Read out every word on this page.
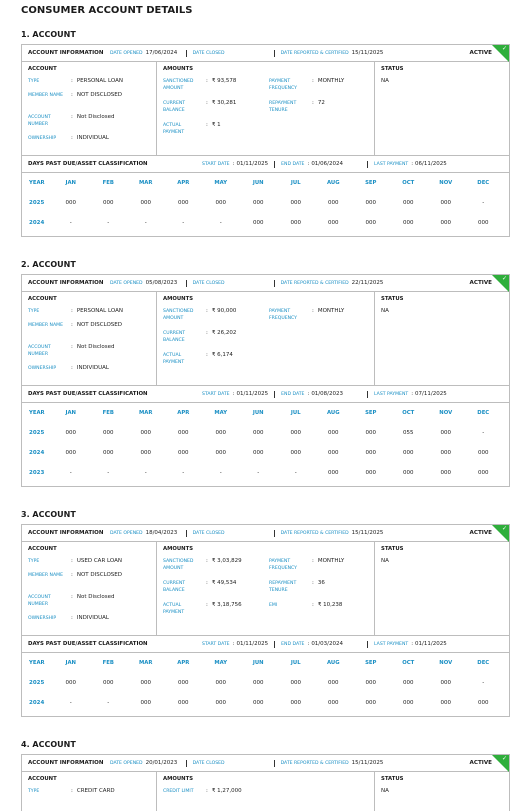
CONSUMER ACCOUNT DETAILS
1. ACCOUNT
ACCOUNT INFORMATION	DATE OPENED 17/06/2024	DATE CLOSED	DATE REPORTED & CERTIFIED 15/11/2025	ACTIVE
✓
ACCOUNT
TYPE	: PERSONAL LOAN
MEMBER NAME	: NOT DISCLOSED
ACCOUNT NUMBER
: Not Disclosed
OWNERSHIP	: INDIVIDUAL
AMOUNTS
SANCTIONED AMOUNT
: ₹ 93,578
CURRENT BALANCE
: ₹ 30,281
ACTUAL PAYMENT
: ₹ 1
PAYMENT FREQUENCY
: MONTHLY
REPAYMENT TENURE
: 72
STATUS
NA
DAYS PAST DUE/ASSET CLASSIFICATION	START DATE : 01/11/2025	END DATE : 01/06/2024	LAST PAYMENT : 06/11/2025
YEAR	JAN	FEB	MAR	APR	MAY	JUN	JUL	AUG	SEP	OCT	NOV	DEC
2025	000	000	000	000	000	000	000	000	000	000	000	-
2024	-	-	-	-	-	000	000	000	000	000	000	000
2. ACCOUNT
ACCOUNT INFORMATION	DATE OPENED 05/08/2023	DATE CLOSED	DATE REPORTED & CERTIFIED 22/11/2025	ACTIVE
✓
ACCOUNT
TYPE	: PERSONAL LOAN
MEMBER NAME	: NOT DISCLOSED
ACCOUNT NUMBER
: Not Disclosed
OWNERSHIP	: INDIVIDUAL
AMOUNTS
SANCTIONED AMOUNT
: ₹ 90,000
CURRENT BALANCE
: ₹ 26,202
ACTUAL PAYMENT
: ₹ 6,174
PAYMENT FREQUENCY
: MONTHLY
STATUS
NA
DAYS PAST DUE/ASSET CLASSIFICATION	START DATE : 01/11/2025	END DATE : 01/08/2023	LAST PAYMENT : 07/11/2025
YEAR	JAN	FEB	MAR	APR	MAY	JUN	JUL	AUG	SEP	OCT	NOV	DEC
2025	000	000	000	000	000	000	000	000	000	055	000	-
2024	000	000	000	000	000	000	000	000	000	000	000	000
2023	-	-	-	-	-	-	-	000	000	000	000	000
3. ACCOUNT
ACCOUNT INFORMATION	DATE OPENED 18/04/2023	DATE CLOSED	DATE REPORTED & CERTIFIED 15/11/2025	ACTIVE
✓
ACCOUNT
TYPE	: USED CAR LOAN
MEMBER NAME	: NOT DISCLOSED
ACCOUNT NUMBER
: Not Disclosed
OWNERSHIP	: INDIVIDUAL
AMOUNTS
SANCTIONED AMOUNT
: ₹ 3,03,829
CURRENT BALANCE
: ₹ 49,534
ACTUAL PAYMENT
: ₹ 3,18,756
PAYMENT FREQUENCY
: MONTHLY
REPAYMENT TENURE
: 36
EMI	: ₹ 10,238
STATUS
NA
DAYS PAST DUE/ASSET CLASSIFICATION	START DATE : 01/11/2025	END DATE : 01/03/2024	LAST PAYMENT : 01/11/2025
YEAR	JAN	FEB	MAR	APR	MAY	JUN	JUL	AUG	SEP	OCT	NOV	DEC
2025	000	000	000	000	000	000	000	000	000	000	000	-
2024	-	-	000	000	000	000	000	000	000	000	000	000
4. ACCOUNT
ACCOUNT INFORMATION	DATE OPENED 20/01/2023	DATE CLOSED	DATE REPORTED & CERTIFIED 15/11/2025	ACTIVE
✓
ACCOUNT
TYPE	: CREDIT CARD
AMOUNTS
CREDIT LIMIT	: ₹ 1,27,000
STATUS
NA
